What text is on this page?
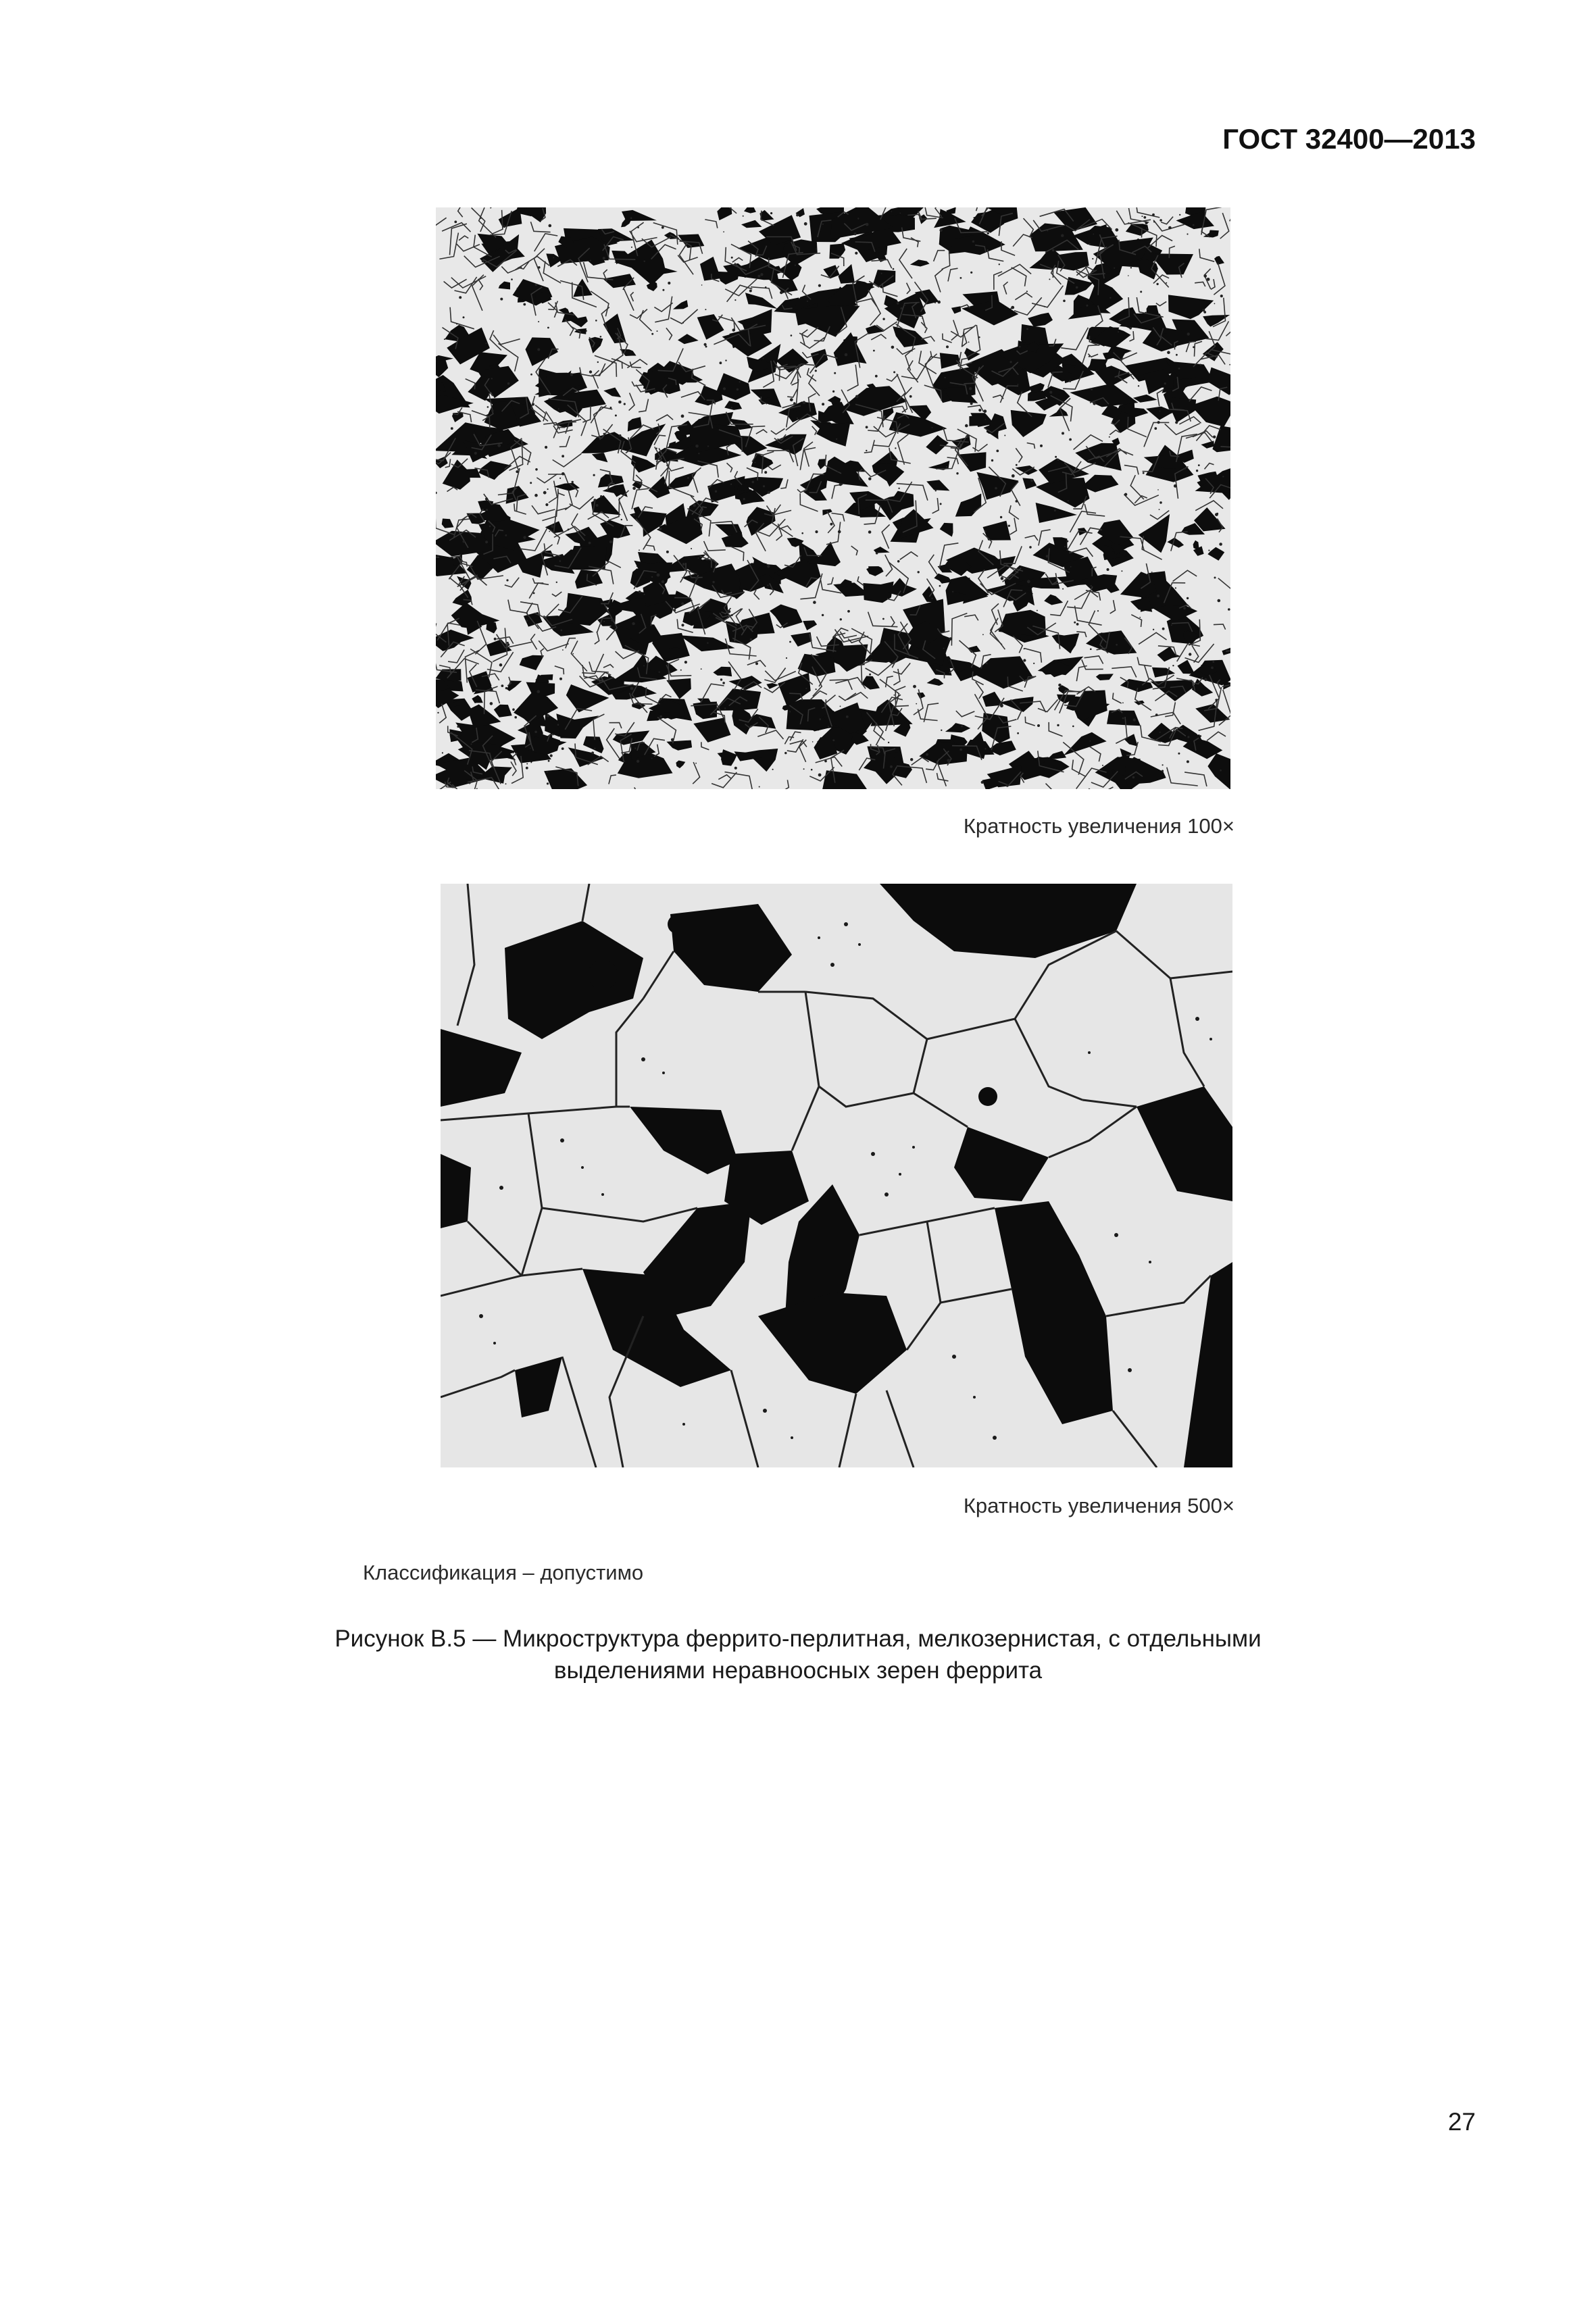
ГОСТ 32400—2013
Кратность увеличения 100×
Кратность увеличения 500×
Классификация – допустимо
Рисунок В.5 — Микроструктура феррито-перлитная, мелкозернистая, с отдельными
выделениями неравноосных зерен феррита
27
